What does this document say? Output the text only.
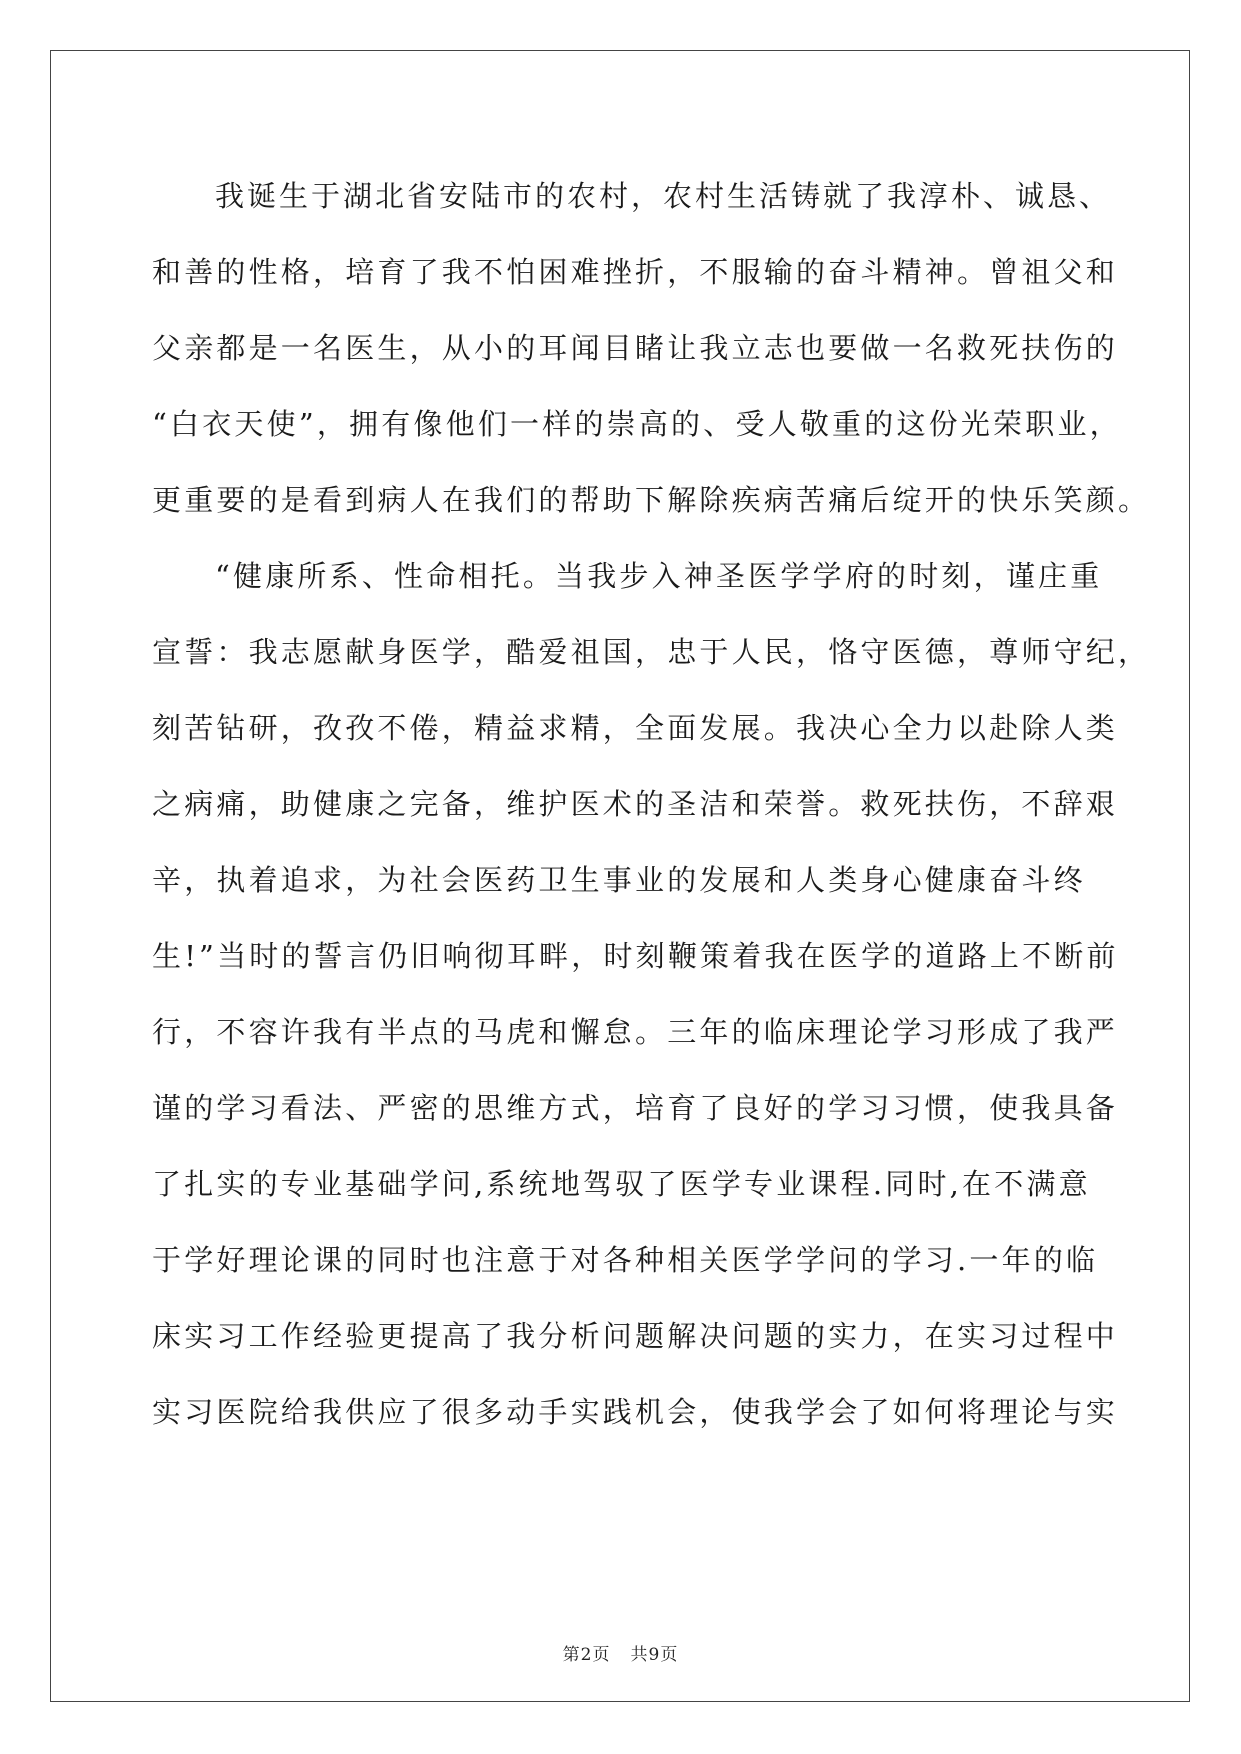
我诞生于湖北省安陆市的农村，农村生活铸就了我淳朴、诚恳、
和善的性格，培育了我不怕困难挫折，不服输的奋斗精神。曾祖父和
父亲都是一名医生，从小的耳闻目睹让我立志也要做一名救死扶伤的
“白衣天使”，拥有像他们一样的崇高的、受人敬重的这份光荣职业，
更重要的是看到病人在我们的帮助下解除疾病苦痛后绽开的快乐笑颜。
“健康所系、性命相托。当我步入神圣医学学府的时刻，谨庄重
宣誓：我志愿献身医学，酷爱祖国，忠于人民，恪守医德，尊师守纪，
刻苦钻研，孜孜不倦，精益求精，全面发展。我决心全力以赴除人类
之病痛，助健康之完备，维护医术的圣洁和荣誉。救死扶伤，不辞艰
辛，执着追求，为社会医药卫生事业的发展和人类身心健康奋斗终
生!”当时的誓言仍旧响彻耳畔，时刻鞭策着我在医学的道路上不断前
行，不容许我有半点的马虎和懈怠。三年的临床理论学习形成了我严
谨的学习看法、严密的思维方式，培育了良好的学习习惯，使我具备
了扎实的专业基础学问,系统地驾驭了医学专业课程.同时,在不满意
于学好理论课的同时也注意于对各种相关医学学问的学习.一年的临
床实习工作经验更提高了我分析问题解决问题的实力，在实习过程中
实习医院给我供应了很多动手实践机会，使我学会了如何将理论与实
第2页 共9页
